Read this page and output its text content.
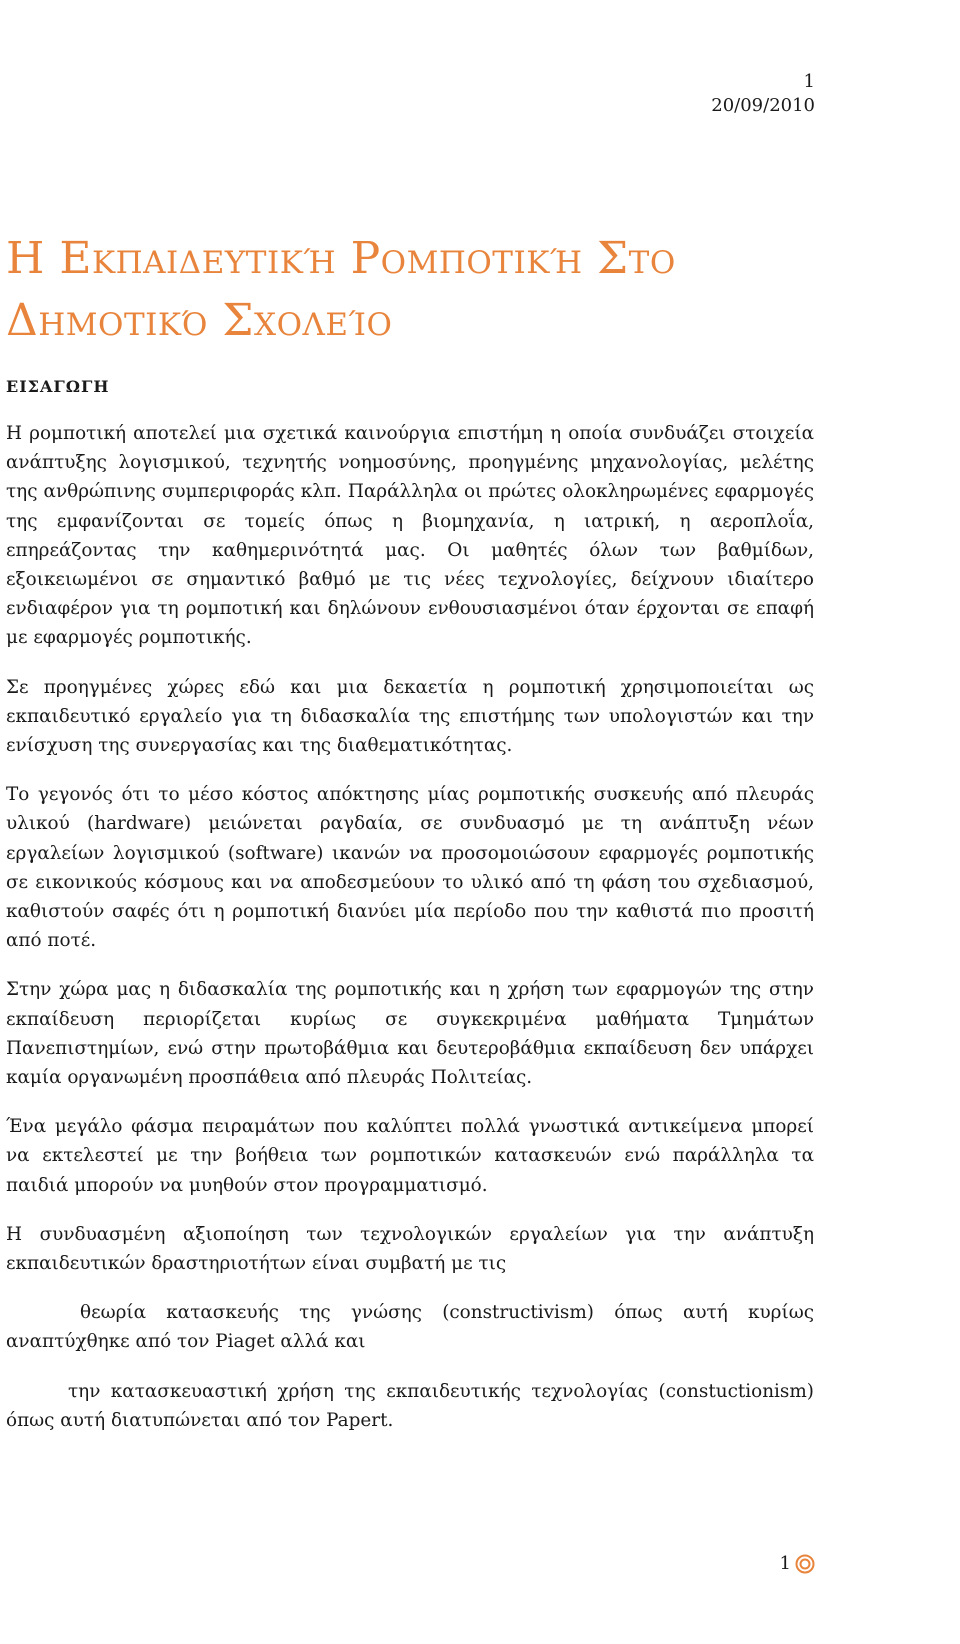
1
20/09/2010
Η Εκπαιδευτική Ρομποτική Στο
Δημοτικό Σχολείο
ΕΙΣΑΓΩΓΗ

Η ρομποτική αποτελεί μια σχετικά καινούργια επιστήμη η οποία συνδυάζει στοιχεία ανάπτυξης λογισμικού, τεχνητής νοημοσύνης, προηγμένης μηχανολογίας, μελέτης της ανθρώπινης συμπεριφοράς κλπ. Παράλληλα οι πρώτες ολοκληρωμένες εφαρμογές της εμφανίζονται σε τομείς όπως η βιομηχανία, η ιατρική, η αεροπλοΐα, επηρεάζοντας την καθημερινότητά μας. Οι μαθητές όλων των βαθμίδων, εξοικειωμένοι σε σημαντικό βαθμό με τις νέες τεχνολογίες, δείχνουν ιδιαίτερο ενδιαφέρον για τη ρομποτική και δηλώνουν ενθουσιασμένοι όταν έρχονται σε επαφή με εφαρμογές ρομποτικής.

Σε προηγμένες χώρες εδώ και μια δεκαετία η ρομποτική χρησιμοποιείται ως εκπαιδευτικό εργαλείο για τη διδασκαλία της επιστήμης των υπολογιστών και την ενίσχυση της συνεργασίας και της διαθεματικότητας.

Το γεγονός ότι το μέσο κόστος απόκτησης μίας ρομποτικής συσκευής από πλευράς υλικού (hardware) μειώνεται ραγδαία, σε συνδυασμό με τη ανάπτυξη νέων εργαλείων λογισμικού (software) ικανών να προσομοιώσουν εφαρμογές ρομποτικής σε εικονικούς κόσμους και να αποδεσμεύουν το υλικό από τη φάση του σχεδιασμού, καθιστούν σαφές ότι η ρομποτική διανύει μία περίοδο που την καθιστά πιο προσιτή από ποτέ.

Στην χώρα μας η διδασκαλία της ρομποτικής και η χρήση των εφαρμογών της στην εκπαίδευση περιορίζεται κυρίως σε συγκεκριμένα μαθήματα Τμημάτων Πανεπιστημίων, ενώ στην πρωτοβάθμια και δευτεροβάθμια εκπαίδευση δεν υπάρχει καμία οργανωμένη προσπάθεια από πλευράς Πολιτείας.

Ένα μεγάλο φάσμα πειραμάτων που καλύπτει πολλά γνωστικά αντικείμενα μπορεί να εκτελεστεί με την βοήθεια των ρομποτικών κατασκευών ενώ παράλληλα τα παιδιά μπορούν να μυηθούν στον προγραμματισμό.

Η συνδυασμένη αξιοποίηση των τεχνολογικών εργαλείων για την ανάπτυξη εκπαιδευτικών δραστηριοτήτων είναι συμβατή με τις

θεωρία κατασκευής της γνώσης (constructivism) όπως αυτή κυρίως αναπτύχθηκε από τον Piaget αλλά και

την κατασκευαστική χρήση της εκπαιδευτικής τεχνολογίας (constuctionism) όπως αυτή διατυπώνεται από τον Papert.

1
